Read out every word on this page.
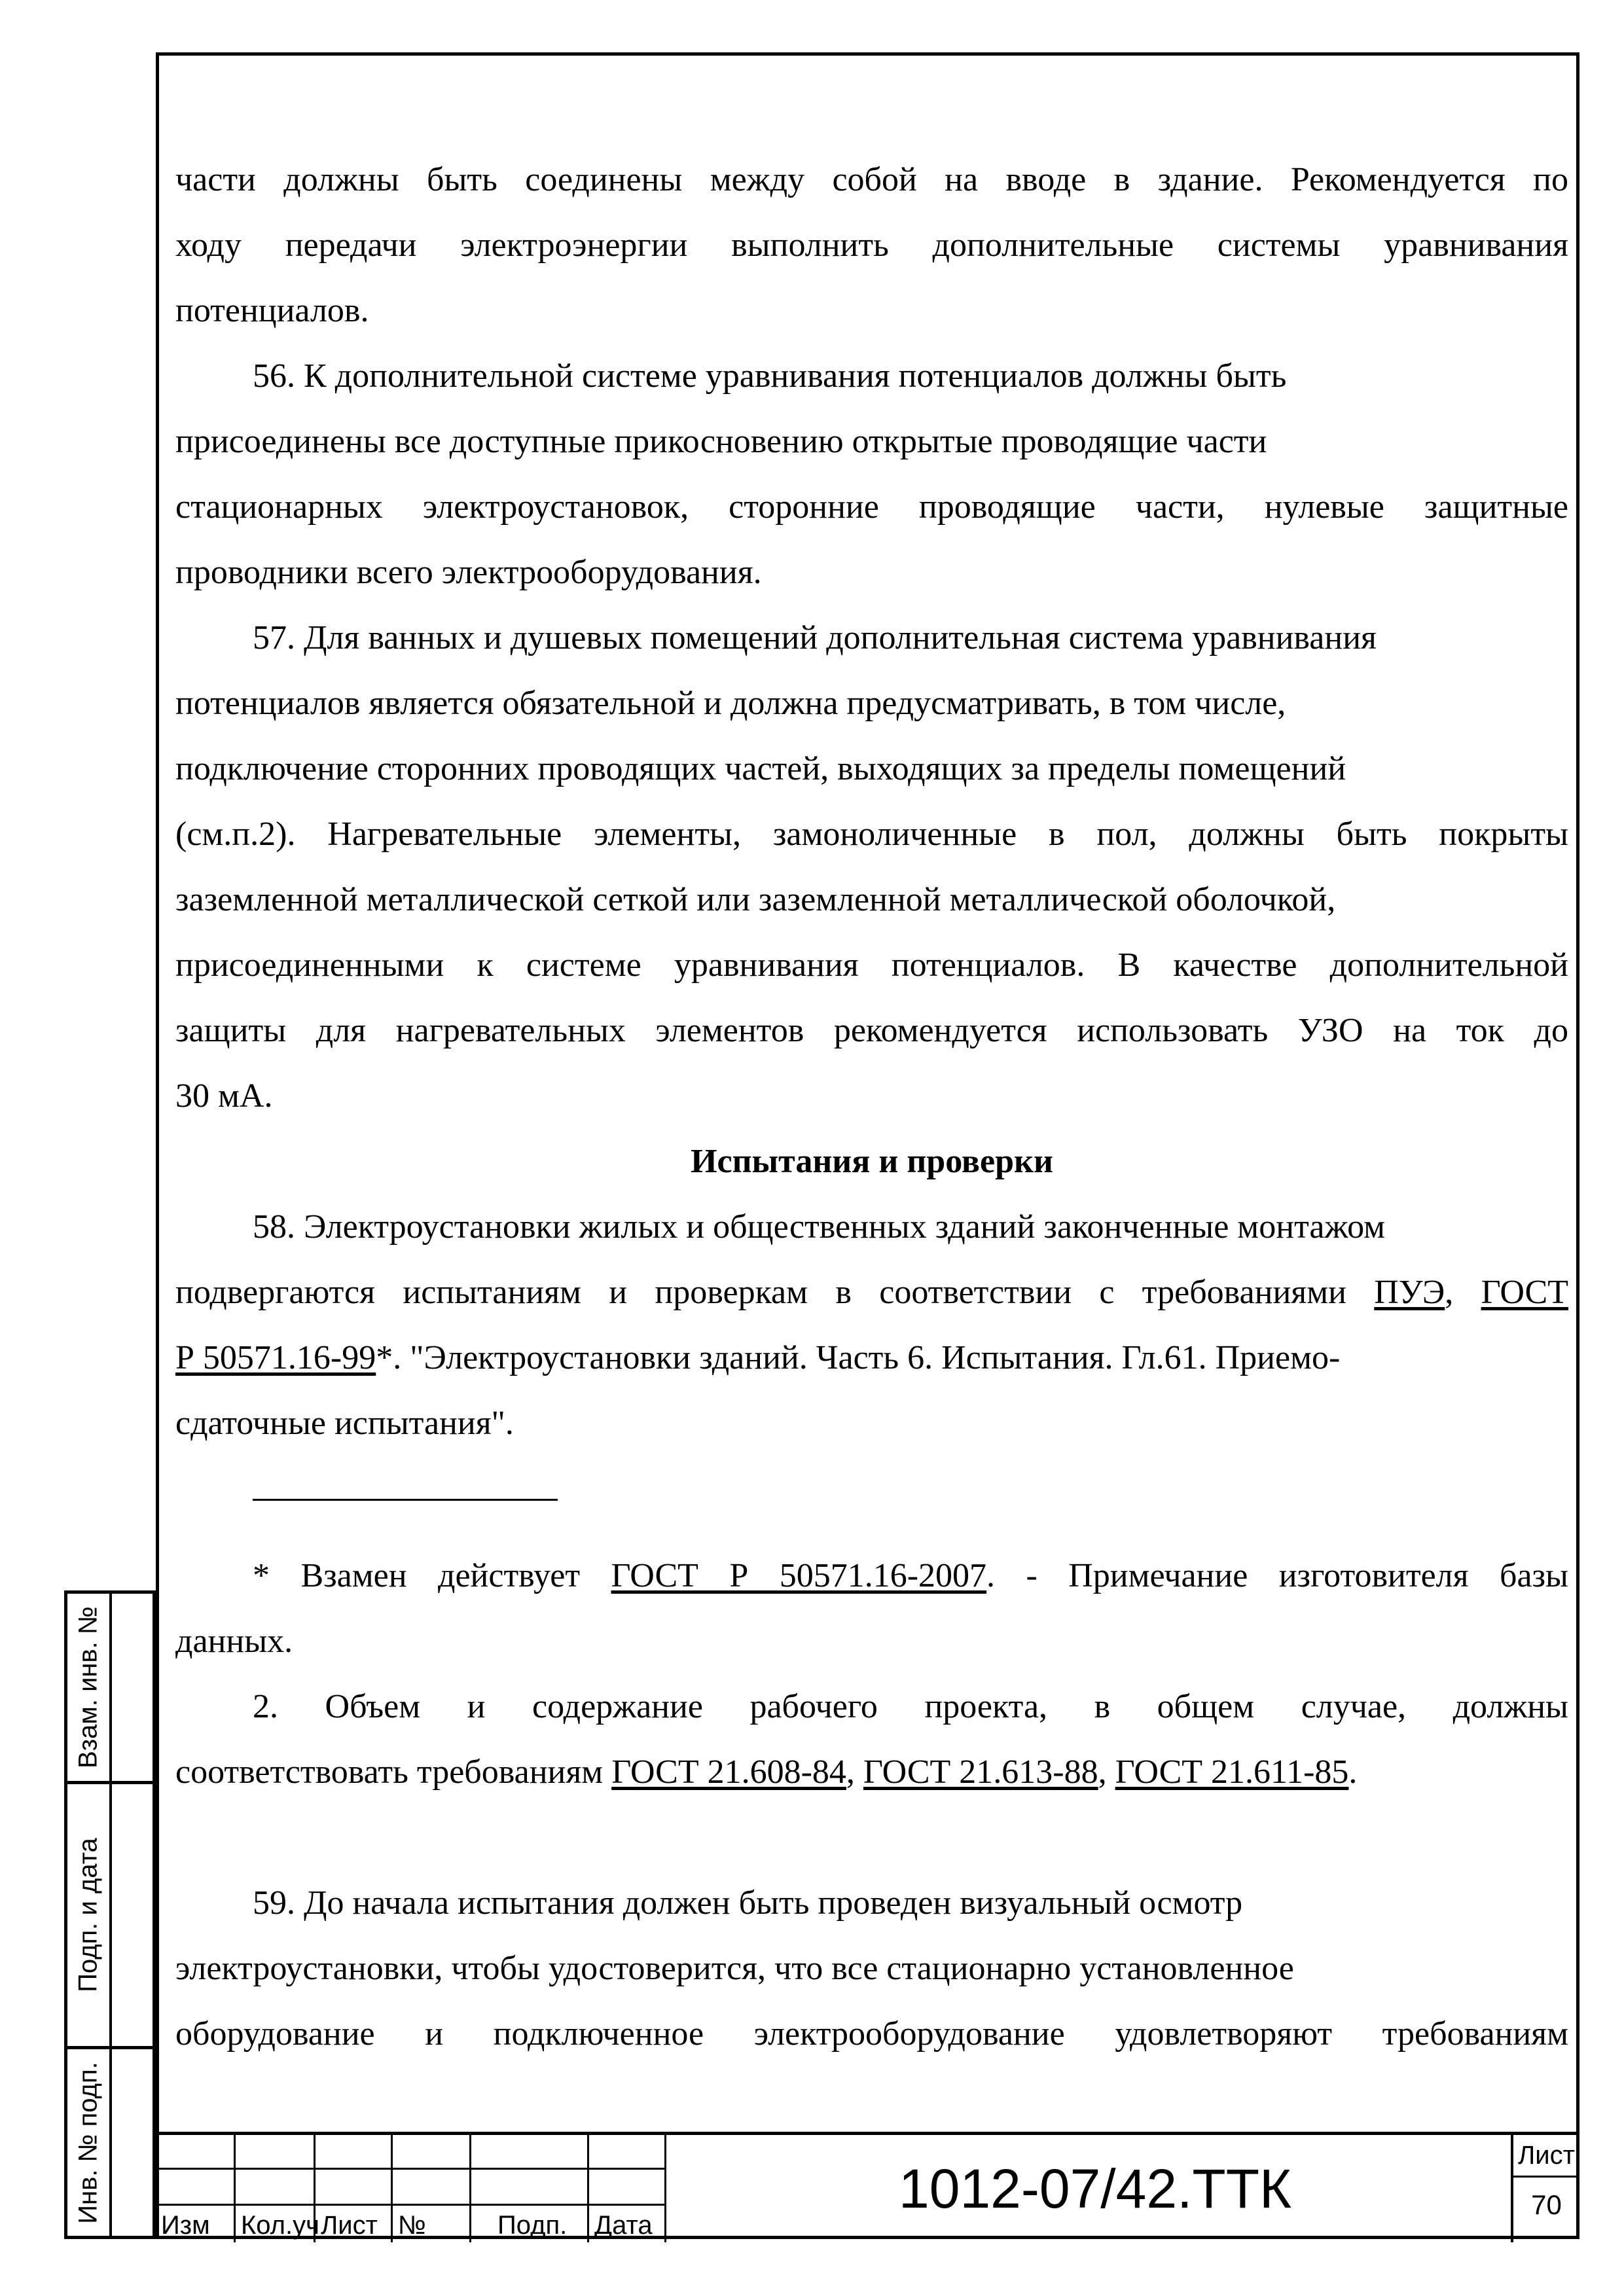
части должны быть соединены между собой на вводе в здание. Рекомендуется по

ходу передачи электроэнергии выполнить дополнительные системы уравнивания

потенциалов.

56. К дополнительной системе уравнивания потенциалов должны быть

присоединены все доступные прикосновению открытые проводящие части

стационарных электроустановок, сторонние проводящие части, нулевые защитные

проводники всего электрооборудования.

57. Для ванных и душевых помещений дополнительная система уравнивания

потенциалов является обязательной и должна предусматривать, в том числе,

подключение сторонних проводящих частей, выходящих за пределы помещений

(см.п.2). Нагревательные элементы, замоноличенные в пол, должны быть покрыты

заземленной металлической сеткой или заземленной металлической оболочкой,

присоединенными к системе уравнивания потенциалов. В качестве дополнительной

защиты для нагревательных элементов рекомендуется использовать УЗО на ток до

30 мА.

Испытания и проверки

58. Электроустановки жилых и общественных зданий законченные монтажом

подвергаются испытаниям и проверкам в соответствии с требованиями ПУЭ, ГОСТ

Р 50571.16-99*. "Электроустановки зданий. Часть 6. Испытания. Гл.61. Приемо-

сдаточные испытания".

* Взамен действует ГОСТ Р 50571.16-2007. - Примечание изготовителя базы

данных.

2. Объем и содержание рабочего проекта, в общем случае, должны

соответствовать требованиям ГОСТ 21.608-84, ГОСТ 21.613-88, ГОСТ 21.611-85.

59. До начала испытания должен быть проведен визуальный осмотр

электроустановки, чтобы удостоверится, что все стационарно установленное

оборудование и подключенное электрооборудование удовлетворяют требованиям

Взам. инв. №
Подп. и дата
Инв. № подп.
Изм Кол.уч Лист №	Подп. Дата
1012-07/42.ТТК
Лист
70
